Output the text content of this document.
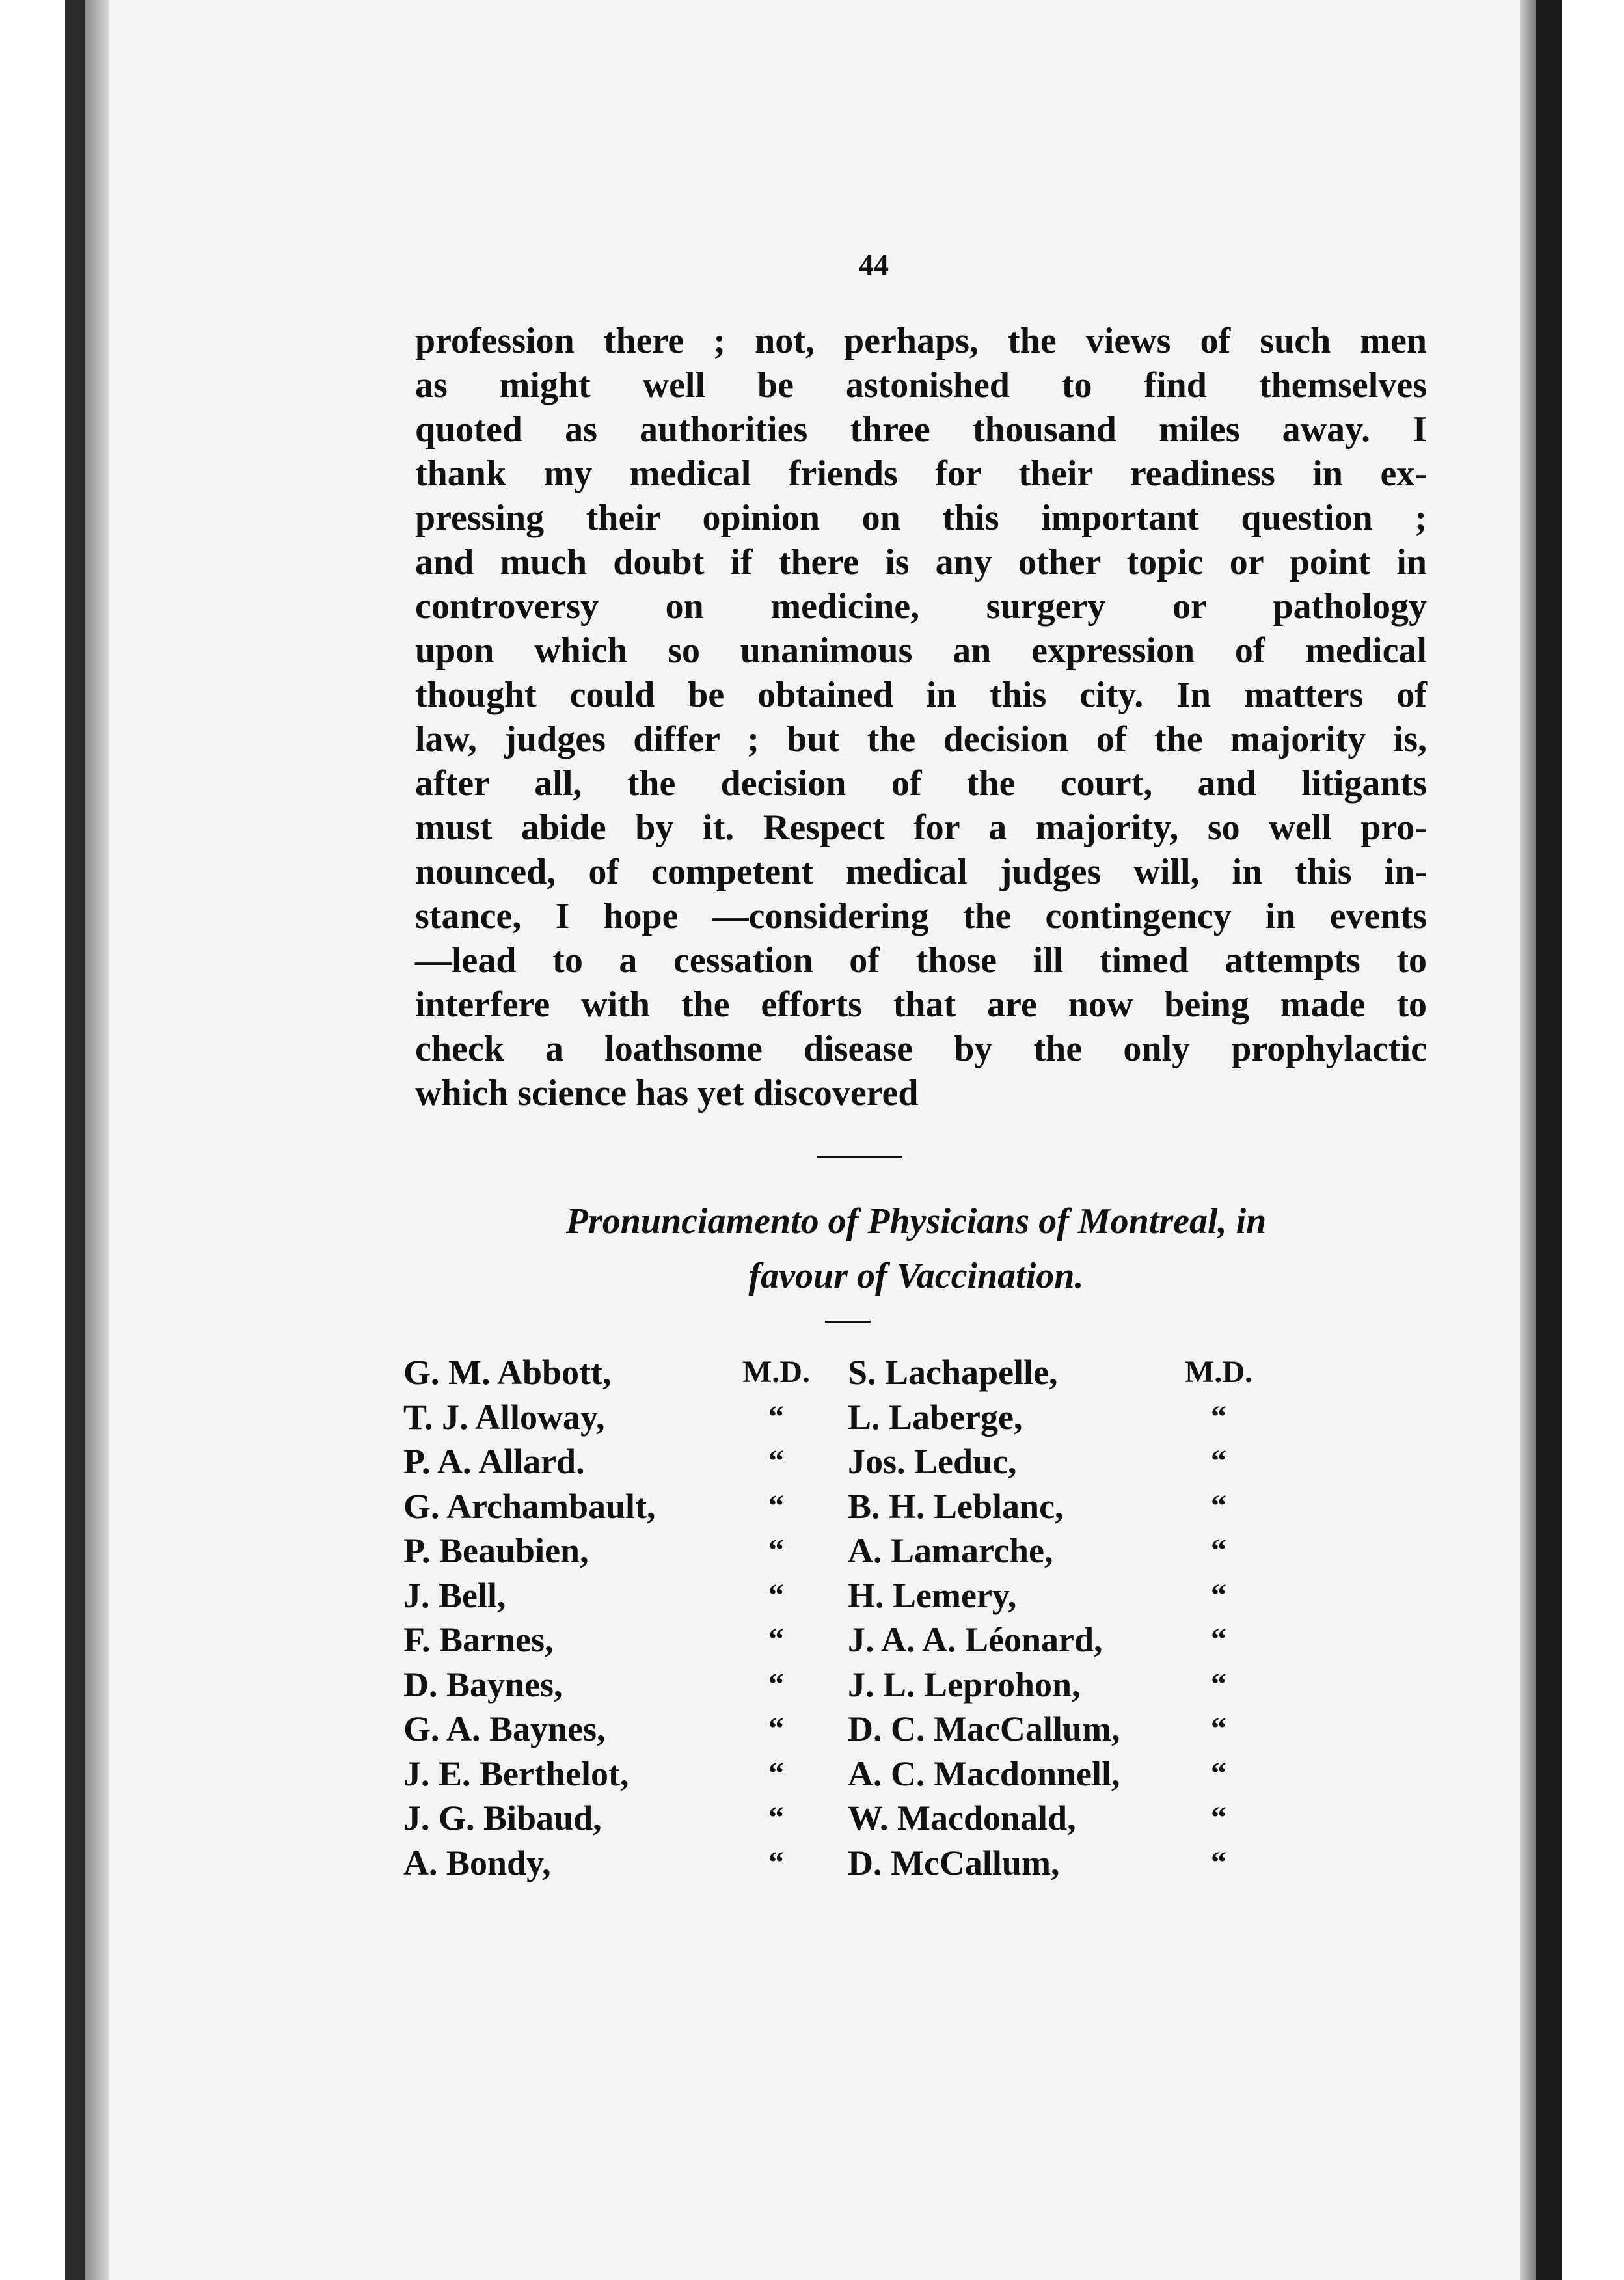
44
profession there ; not, perhaps, the views of such men
as might well be astonished to find themselves
quoted as authorities three thousand miles away. I
thank my medical friends for their readiness in ex-
pressing their opinion on this important question ;
and much doubt if there is any other topic or point in
controversy on medicine, surgery or pathology
upon which so unanimous an expression of medical
thought could be obtained in this city. In matters of
law, judges differ ; but the decision of the majority is,
after all, the decision of the court, and litigants
must abide by it. Respect for a majority, so well pro-
nounced, of competent medical judges will, in this in-
stance, I hope —considering the contingency in events
—lead to a cessation of those ill timed attempts to
interfere with the efforts that are now being made to
check a loathsome disease by the only prophylactic
which science has yet discovered
Pronunciamento of Physicians of Montreal, in
favour of Vaccination.
G. M. Abbott,
T. J. Alloway,
P. A. Allard.
G. Archambault,
P. Beaubien,
J. Bell,
F. Barnes,
D. Baynes,
G. A. Baynes,
J. E. Berthelot,
J. G. Bibaud,
A. Bondy,
M.D.
“
“
“
“
“
“
“
“
“
“
“
S. Lachapelle,
L. Laberge,
Jos. Leduc,
B. H. Leblanc,
A. Lamarche,
H. Lemery,
J. A. A. Léonard,
J. L. Leprohon,
D. C. MacCallum,
A. C. Macdonnell,
W. Macdonald,
D. McCallum,
M.D.
“
“
“
“
“
“
“
“
“
“
“
